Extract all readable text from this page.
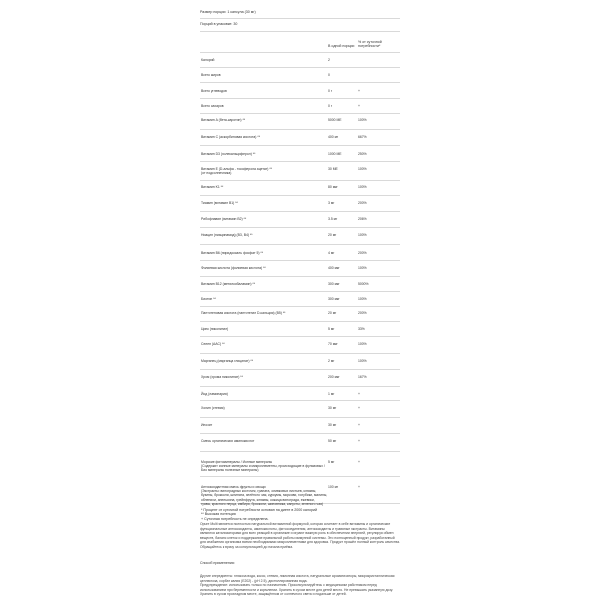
Размер порции: 1 капсула (30 мг)
Порций в упаковке: 30
В одной порции
% от суточной потребности*
Калорий	2
Всего жиров	0
Всего углеводов	0 г	+
Всего сахаров	0 г	+
Витамин A (бета-каротин) **	5000 МЕ	100%
Витамин C (аскорбиновая кислота) **	400 мг	667%
Витамин D3 (холекальциферол) **	1000 МЕ	250%
Витамин E (D-альфа - токоферола ацетат) **
(от подсолнечника)
30 МЕ	100%
Витамин K1 **	80 мкг	100%
Тиамин (витамин B1) **	3 мг	200%
Рибофлавин (витамин B2) **	3.5 мг	206%
Ниацин (ниацинамид) (B3, B4) **	20 мг	100%
Витамин B6 (пиридоксаль фосфат 5) **	4 мг	200%
Фолиевая кислота (фолиевая кислота) **	400 мкг	100%
Витамин B12 (метилкобаламин) **	300 мкг	5000%
Биотин **	300 мкг	100%
Пантотеновая кислота (пантотенат D-кальция) (B5) **	20 мг	200%
Цинк (пиколинат)	5 мг	33%
Селен (AAC) **	70 мкг	100%
Марганец (марганца глицинат) **	2 мг	100%
Хром (хрома пиколинат) **	200 мкг	167%
Йод (ламинария)	1 мг	+
Холин (стевия)	30 мг	+
Инозит	30 мг	+
Смесь органических аминокислот	50 мг	+
Морские фитоминералы / Ионные минералы
(Содержит ионные минералы и микроэлементы, происходящие в фульвовых /
Био минералы полезные минералы)
5 мг	+
Антиоксидантная смесь фрукты и овощи
(Экстракты: виноградных косточек, граната, оливковых листьев, клюквы,
бузины, брокколи, шпината, зелёного чая, куркумы, моркови, голубики, малины,
облепихи, апельсина, грейпфрута, клюквы, кожица винограда, ежевики,
гуавы, красного перца, имбиря, брокколи, шиповника, капусты, зеленого чая)
100 мг	+
* Процент от суточной потребности основан на диете в 2000 калорий
** Высокая потенция
+ Суточная потребность не определена.
Opure Multi является полностью натуральной витаминной формулой, которая сочетает в себе витамины и органические функциональные антиоксиданты, аминокислоты, фитосоединения, антиоксиданты и травяные экстракты. Витамины являются катализаторами для всех реакций в организме и играют важную роль в обеспечении энергией, регулируя обмен веществ, баланс клеток и поддержание правильной работы иммунной системы. Это полноценный продукт, разработанный для снабжения организма всеми необходимыми микроэлементами для здоровья. Продукт прошёл полный контроль качества. Обращайтесь к врачу за консультацией до начала приёма.
Способ применения:
Другие ингредиенты: глюкоза вода, кокос, стевия, лимонная кислота, натуральные ароматизаторы, микрокристаллическая целлюлоза, сорбат калия (E202) - (рН 2.5), дистиллированная вода.
Предупреждение: использовать только по назначению. Проконсультируйтесь с медицинским работником перед использованием при беременности и кормлении. Хранить в сухом месте для детей место. Не превышать указанную дозу. Хранить в сухом прохладном месте, защищённом от солнечного света и подальше от детей.
